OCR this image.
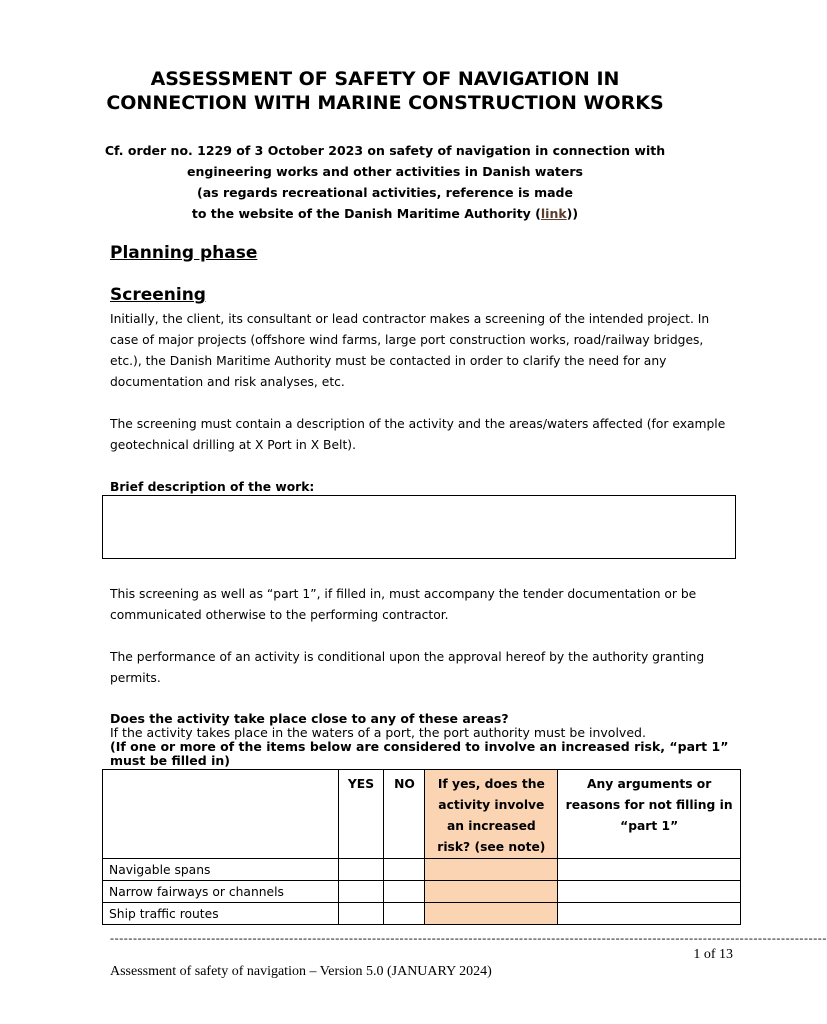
ASSESSMENT OF SAFETY OF NAVIGATION IN
CONNECTION WITH MARINE CONSTRUCTION WORKS
Cf. order no. 1229 of 3 October 2023 on safety of navigation in connection with
engineering works and other activities in Danish waters
(as regards recreational activities, reference is made
to the website of the Danish Maritime Authority (link))
Planning phase
Screening
Initially, the client, its consultant or lead contractor makes a screening of the intended project. In case of major projects (offshore wind farms, large port construction works, road/railway bridges, etc.), the Danish Maritime Authority must be contacted in order to clarify the need for any documentation and risk analyses, etc.
The screening must contain a description of the activity and the areas/waters affected (for example geotechnical drilling at X Port in X Belt).
Brief description of the work:
This screening as well as “part 1”, if filled in, must accompany the tender documentation or be communicated otherwise to the performing contractor.
The performance of an activity is conditional upon the approval hereof by the authority granting permits.
Does the activity take place close to any of these areas?
If the activity takes place in the waters of a port, the port authority must be involved.
(If one or more of the items below are considered to involve an increased risk, “part 1” must be filled in)
	YES	NO	If yes, does the activity involve an increased risk? (see note)	Any arguments or reasons for not filling in “part 1”
Navigable spans				
Narrow fairways or channels				
Ship traffic routes				
------------------------------------------------------------------------------------------------------------------------------------------------------------
1 of 13
Assessment of safety of navigation – Version 5.0 (JANUARY 2024)
